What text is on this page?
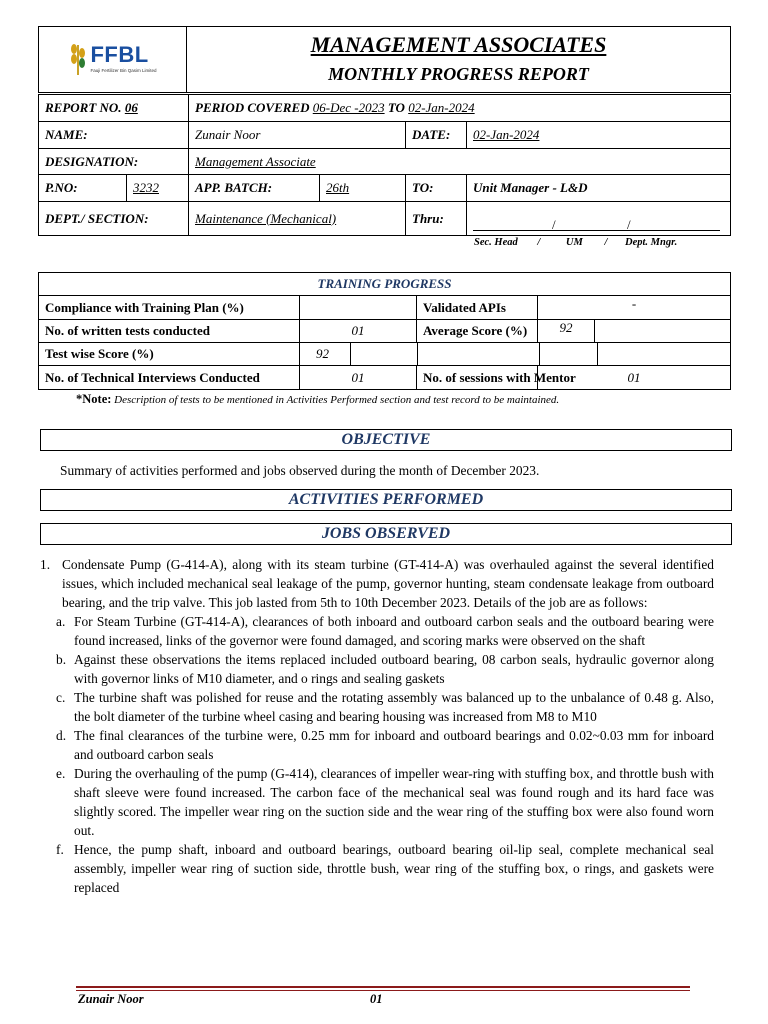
FFBL
Fauji Fertilizer Bin Qasim Limited

MANAGEMENT ASSOCIATES
MONTHLY PROGRESS REPORT
REPORT NO. 06		PERIOD COVERED 06-Dec -2023 TO 02-Jan-2024			
NAME:		Zunair Noor		DATE:	02-Jan-2024
DESIGNATION:		Management Associate			
P.NO:	3232	APP. BATCH:	26th	TO:	Unit Manager - L&D
DEPT./ SECTION:		Maintenance (Mechanical)		Thru:	/ /
Sec. Head / UM / Dept. Mngr.
TRAINING PROGRESS					
Compliance with Training Plan (%)			Validated APIs	-	
No. of written tests conducted	01		Average Score (%)	92	
Test wise Score (%)	92				

No. of Technical Interviews Conducted	01		No. of sessions with Mentor	01	
*Note: Description of tests to be mentioned in Activities Performed section and test record to be maintained.
OBJECTIVE
Summary of activities performed and jobs observed during the month of December 2023.
ACTIVITIES PERFORMED
JOBS OBSERVED
1. Condensate Pump (G-414-A), along with its steam turbine (GT-414-A) was overhauled against the several identified issues, which included mechanical seal leakage of the pump, governor hunting, steam condensate leakage from outboard bearing, and the trip valve. This job lasted from 5th to 10th December 2023. Details of the job are as follows:
a. For Steam Turbine (GT-414-A), clearances of both inboard and outboard carbon seals and the outboard bearing were found increased, links of the governor were found damaged, and scoring marks were observed on the shaft
b. Against these observations the items replaced included outboard bearing, 08 carbon seals, hydraulic governor along with governor links of M10 diameter, and o rings and sealing gaskets
c. The turbine shaft was polished for reuse and the rotating assembly was balanced up to the unbalance of 0.48 g. Also, the bolt diameter of the turbine wheel casing and bearing housing was increased from M8 to M10
d. The final clearances of the turbine were, 0.25 mm for inboard and outboard bearings and 0.02~0.03 mm for inboard and outboard carbon seals
e. During the overhauling of the pump (G-414), clearances of impeller wear-ring with stuffing box, and throttle bush with shaft sleeve were found increased. The carbon face of the mechanical seal was found rough and its hard face was slightly scored. The impeller wear ring on the suction side and the wear ring of the stuffing box were also found worn out.
f. Hence, the pump shaft, inboard and outboard bearings, outboard bearing oil-lip seal, complete mechanical seal assembly, impeller wear ring of suction side, throttle bush, wear ring of the stuffing box, o rings, and gaskets were replaced
Zunair Noor	01
